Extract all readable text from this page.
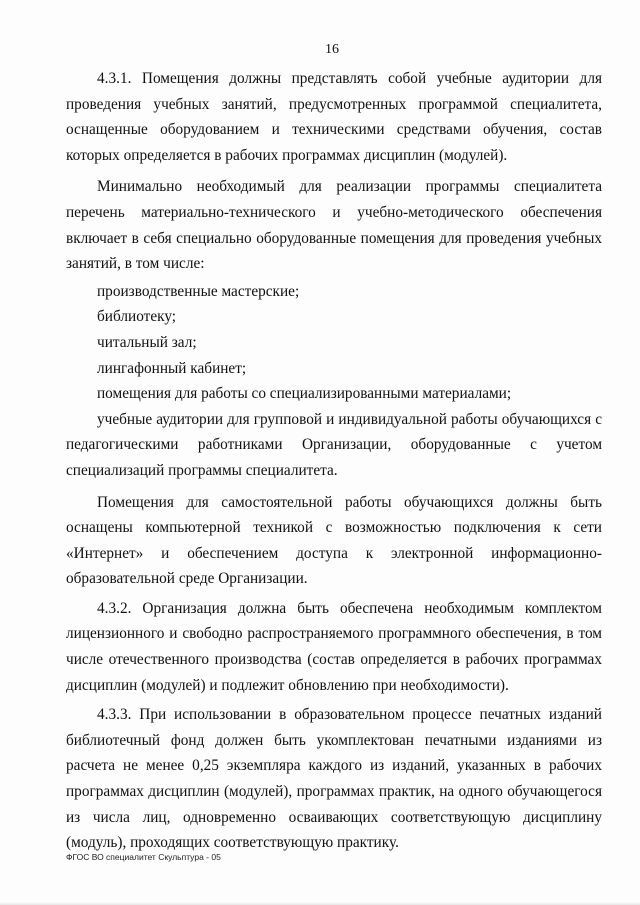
16

4.3.1. Помещения должны представлять собой учебные аудитории для проведения учебных занятий, предусмотренных программой специалитета, оснащенные оборудованием и техническими средствами обучения, состав которых определяется в рабочих программах дисциплин (модулей).

Минимально необходимый для реализации программы специалитета перечень материально-технического и учебно-методического обеспечения включает в себя специально оборудованные помещения для проведения учебных занятий, в том числе:

производственные мастерские;

библиотеку;

читальный зал;

лингафонный кабинет;

помещения для работы со специализированными материалами;

учебные аудитории для групповой и индивидуальной работы обучающихся с педагогическими работниками Организации, оборудованные с учетом специализаций программы специалитета.

Помещения для самостоятельной работы обучающихся должны быть оснащены компьютерной техникой с возможностью подключения к сети «Интернет» и обеспечением доступа к электронной информационно-образовательной среде Организации.

4.3.2. Организация должна быть обеспечена необходимым комплектом лицензионного и свободно распространяемого программного обеспечения, в том числе отечественного производства (состав определяется в рабочих программах дисциплин (модулей) и подлежит обновлению при необходимости).

4.3.3. При использовании в образовательном процессе печатных изданий библиотечный фонд должен быть укомплектован печатными изданиями из расчета не менее 0,25 экземпляра каждого из изданий, указанных в рабочих программах дисциплин (модулей), программах практик, на одного обучающегося из числа лиц, одновременно осваивающих соответствующую дисциплину (модуль), проходящих соответствующую практику.

ФГОС ВО специалитет Скульптура - 05
